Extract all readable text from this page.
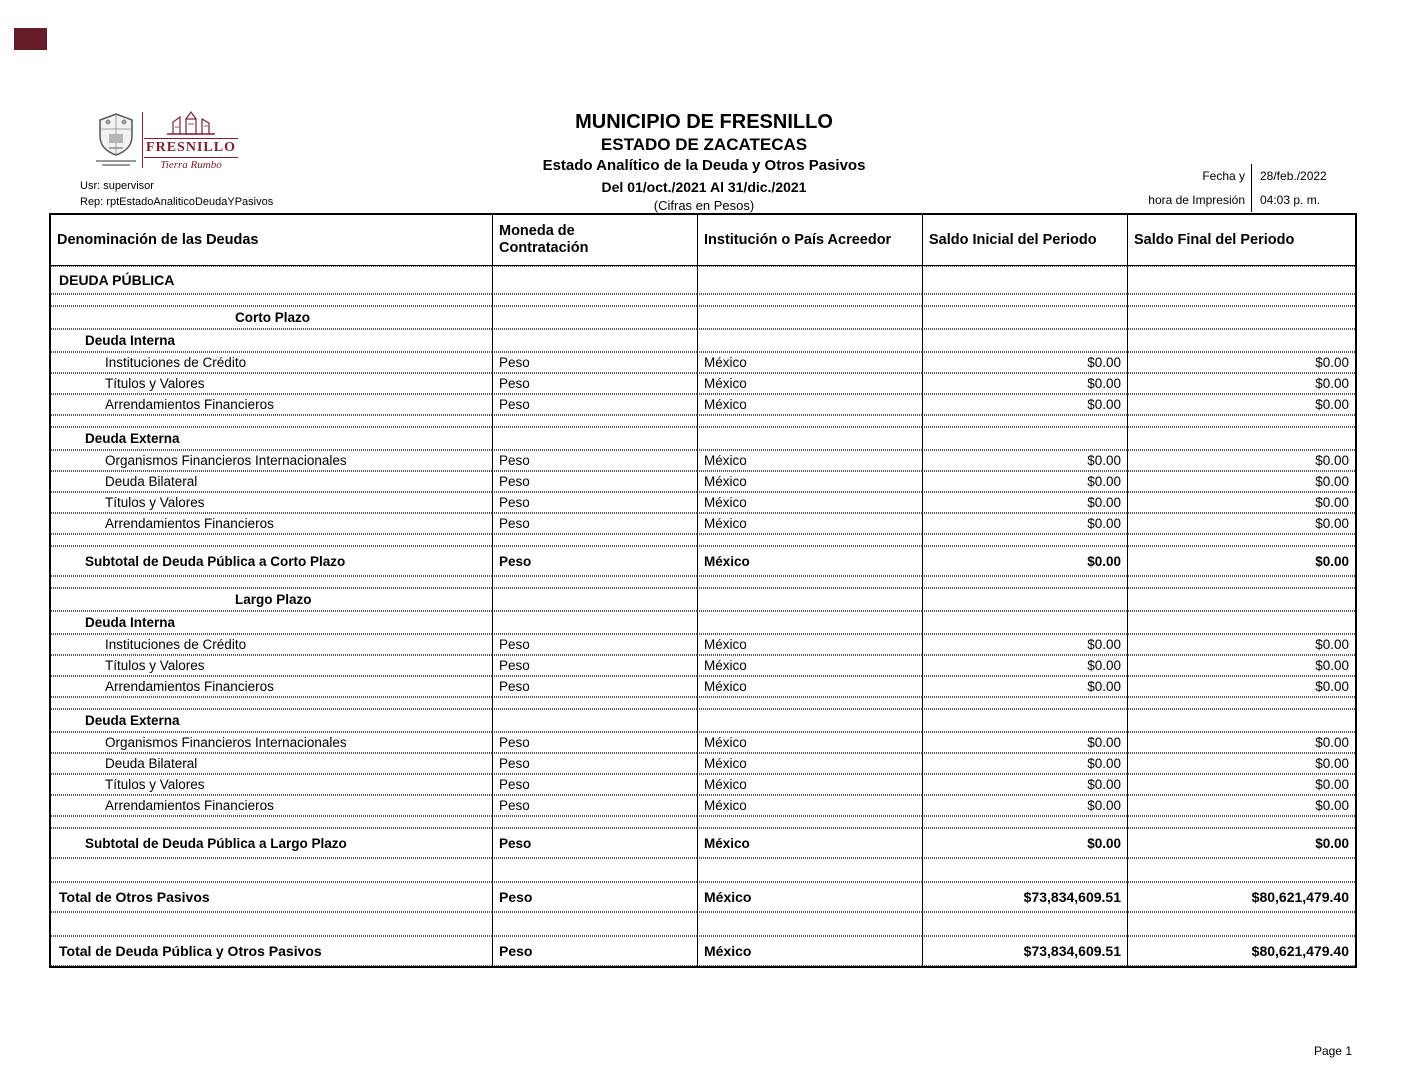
FRESNILLO
Tierra Rumbo
MUNICIPIO DE FRESNILLO
ESTADO DE ZACATECAS
Estado Analítico de la Deuda y Otros Pasivos
Del 01/oct./2021 Al 31/dic./2021
(Cifras en Pesos)
Usr: supervisor
Rep: rptEstadoAnaliticoDeudaYPasivos
Fecha y	28/feb./2022
hora de Impresión	04:03 p. m.
Denominación de las Deudas	Moneda de Contratación	Institución o País Acreedor	Saldo Inicial del Periodo	Saldo Final del Periodo
DEUDA PÚBLICA				

Corto Plazo				
Deuda Interna				
Instituciones de Crédito	Peso	México	$0.00	$0.00
Títulos y Valores	Peso	México	$0.00	$0.00
Arrendamientos Financieros	Peso	México	$0.00	$0.00

Deuda Externa				
Organismos Financieros Internacionales	Peso	México	$0.00	$0.00
Deuda Bilateral	Peso	México	$0.00	$0.00
Títulos y Valores	Peso	México	$0.00	$0.00
Arrendamientos Financieros	Peso	México	$0.00	$0.00

Subtotal de Deuda Pública a Corto Plazo	Peso	México	$0.00	$0.00

Largo Plazo				
Deuda Interna				
Instituciones de Crédito	Peso	México	$0.00	$0.00
Títulos y Valores	Peso	México	$0.00	$0.00
Arrendamientos Financieros	Peso	México	$0.00	$0.00

Deuda Externa				
Organismos Financieros Internacionales	Peso	México	$0.00	$0.00
Deuda Bilateral	Peso	México	$0.00	$0.00
Títulos y Valores	Peso	México	$0.00	$0.00
Arrendamientos Financieros	Peso	México	$0.00	$0.00

Subtotal de Deuda Pública a Largo Plazo	Peso	México	$0.00	$0.00

Total de Otros Pasivos	Peso	México	$73,834,609.51	$80,621,479.40

Total de Deuda Pública y Otros Pasivos	Peso	México	$73,834,609.51	$80,621,479.40
Page 1
